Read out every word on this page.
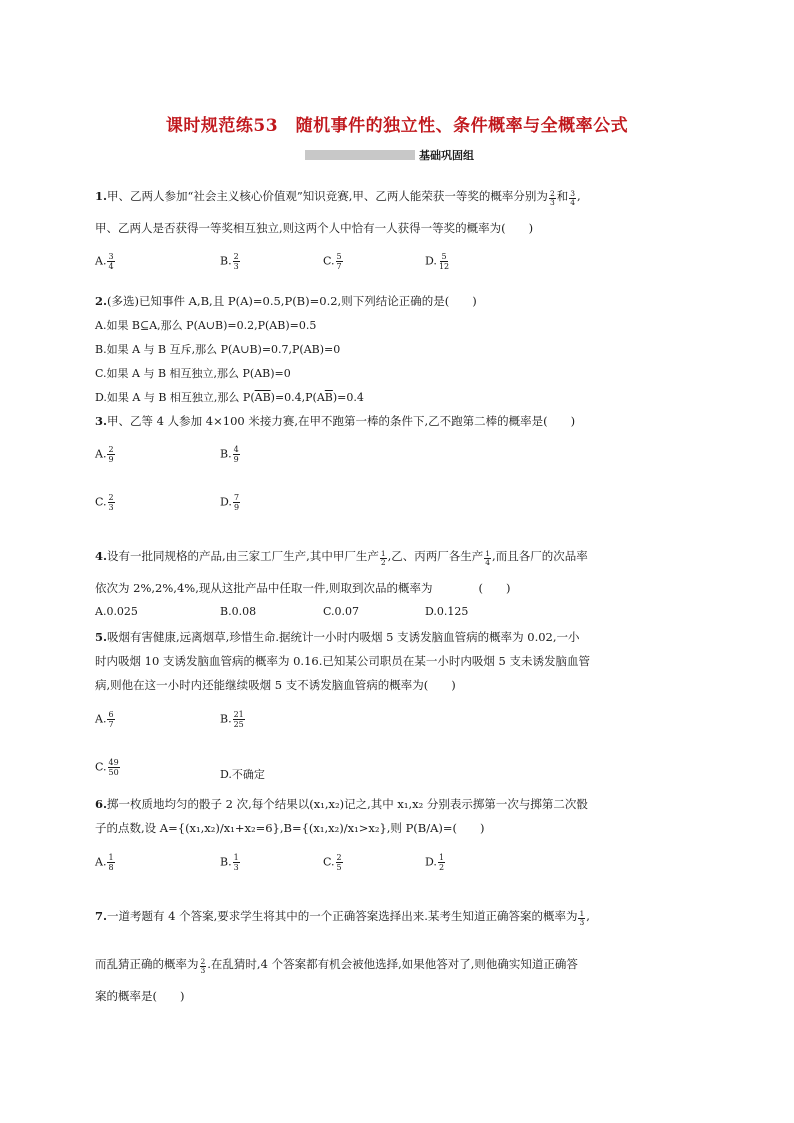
课时规范练53　随机事件的独立性、条件概率与全概率公式
基础巩固组
1.甲、乙两人参加“社会主义核心价值观”知识竞赛,甲、乙两人能荣获一等奖的概率分别为 $\frac{2}{3}$ 和 $\frac{3}{4}$ ,
甲、乙两人是否获得一等奖相互独立,则这两个人中恰有一人获得一等奖的概率为(　　)
A. $\frac{3}{4}$	B. $\frac{2}{3}$	C. $\frac{5}{7}$	D. $\frac{5}{12}$
2.(多选)已知事件 A,B,且 P(A)=0.5,P(B)=0.2,则下列结论正确的是(　　)
A.如果 B⊆A,那么 P(A∪B)=0.2,P(AB)=0.5
B.如果 A 与 B 互斥,那么 P(A∪B)=0.7,P(AB)=0
C.如果 A 与 B 相互独立,那么 P(AB)=0
D.如果 A 与 B 相互独立,那么 $P(\overline{AB})=0.4,P(A\overline{B})=0.4$
3.甲、乙等 4 人参加 4×100 米接力赛,在甲不跑第一棒的条件下,乙不跑第二棒的概率是(　　)
A. $\frac{2}{9}$	B. $\frac{4}{9}$
C. $\frac{2}{3}$	D. $\frac{7}{9}$
4.设有一批同规格的产品,由三家工厂生产,其中甲厂生产 $\frac{1}{2}$ ,乙、丙两厂各生产 $\frac{1}{4}$ ,而且各厂的次品率
依次为 2%,2%,4%,现从这批产品中任取一件,则取到次品的概率为　　　　(　　)
A.0.025	B.0.08	C.0.07	D.0.125
5.吸烟有害健康,远离烟草,珍惜生命.据统计一小时内吸烟 5 支诱发脑血管病的概率为 0.02,一小
时内吸烟 10 支诱发脑血管病的概率为 0.16.已知某公司职员在某一小时内吸烟 5 支未诱发脑血管
病,则他在这一小时内还能继续吸烟 5 支不诱发脑血管病的概率为(　　)
A. $\frac{6}{7}$	B. $\frac{21}{25}$
C. $\frac{49}{50}$	D.不确定
6.掷一枚质地均匀的骰子 2 次,每个结果以(x₁,x₂)记之,其中 x₁,x₂ 分别表示掷第一次与掷第二次骰
子的点数,设 A={(x₁,x₂)/x₁+x₂=6},B={(x₁,x₂)/x₁>x₂},则 P(B/A)=(　　)
A. $\frac{1}{8}$	B. $\frac{1}{3}$	C. $\frac{2}{5}$	D. $\frac{1}{2}$
7.一道考题有 4 个答案,要求学生将其中的一个正确答案选择出来.某考生知道正确答案的概率为 $\frac{1}{3}$ ,
而乱猜正确的概率为 $\frac{2}{3}$ .在乱猜时,4 个答案都有机会被他选择,如果他答对了,则他确实知道正确答
案的概率是(　　)
